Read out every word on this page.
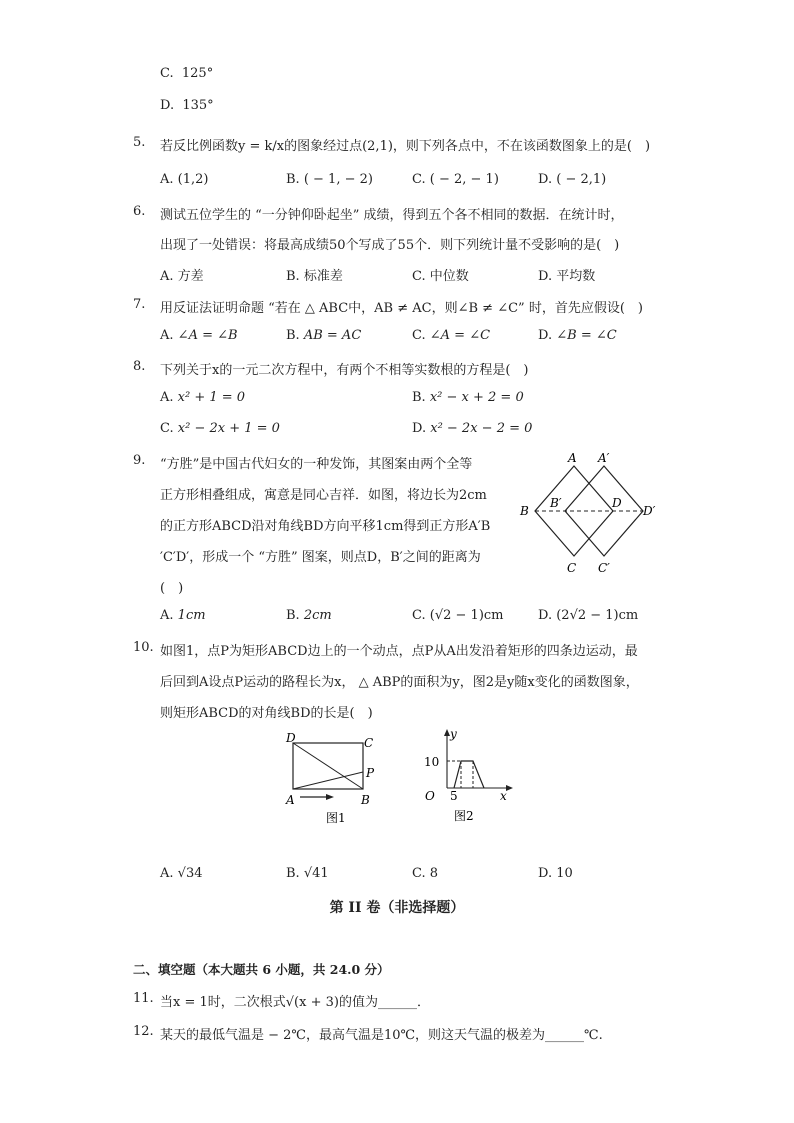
C. 125°
D. 135°
5. 若反比例函数y = k/x的图象经过点(2,1)，则下列各点中，不在该函数图象上的是(　)
A. (1,2)	B. ( − 1, − 2)	C. ( − 2, − 1)	D. ( − 2,1)
6. 测试五位学生的 “一分钟仰卧起坐” 成绩，得到五个各不相同的数据．在统计时，
出现了一处错误：将最高成绩50个写成了55个．则下列统计量不受影响的是(　)
A. 方差	B. 标准差	C. 中位数	D. 平均数
7. 用反证法证明命题 “若在 △ ABC中，AB ≠ AC，则∠B ≠ ∠C” 时，首先应假设(　)
A. ∠A = ∠B	B. AB = AC	C. ∠A = ∠C	D. ∠B = ∠C
8. 下列关于x的一元二次方程中，有两个不相等实数根的方程是(　)
A. x² + 1 = 0	B. x² − x + 2 = 0
C. x² − 2x + 1 = 0	D. x² − 2x − 2 = 0
9. “方胜”是中国古代妇女的一种发饰，其图案由两个全等
正方形相叠组成，寓意是同心吉祥．如图，将边长为2cm
的正方形ABCD沿对角线BD方向平移1cm得到正方形A′B
′C′D′，形成一个 “方胜” 图案，则点D，B′之间的距离为
(　)
A A′
B
B′	D
D′
C C′
A. 1cm	B. 2cm	C. (√2 − 1)cm	D. (2√2 − 1)cm
10. 如图1，点P为矩形ABCD边上的一个动点，点P从A出发沿着矩形的四条边运动，最
后回到A设点P运动的路程长为x， △ ABP的面积为y，图2是y随x变化的函数图象，
则矩形ABCD的对角线BD的长是(　)
D	C
P
A	B
图1
y
x
10
O 5
图2
A. √34	B. √41	C. 8	D. 10
第 II 卷（非选择题）
二、填空题（本大题共 6 小题，共 24.0 分）
11. 当x = 1时，二次根式√(x + 3)的值为______．
12. 某天的最低气温是 − 2℃，最高气温是10℃，则这天气温的极差为______℃.
